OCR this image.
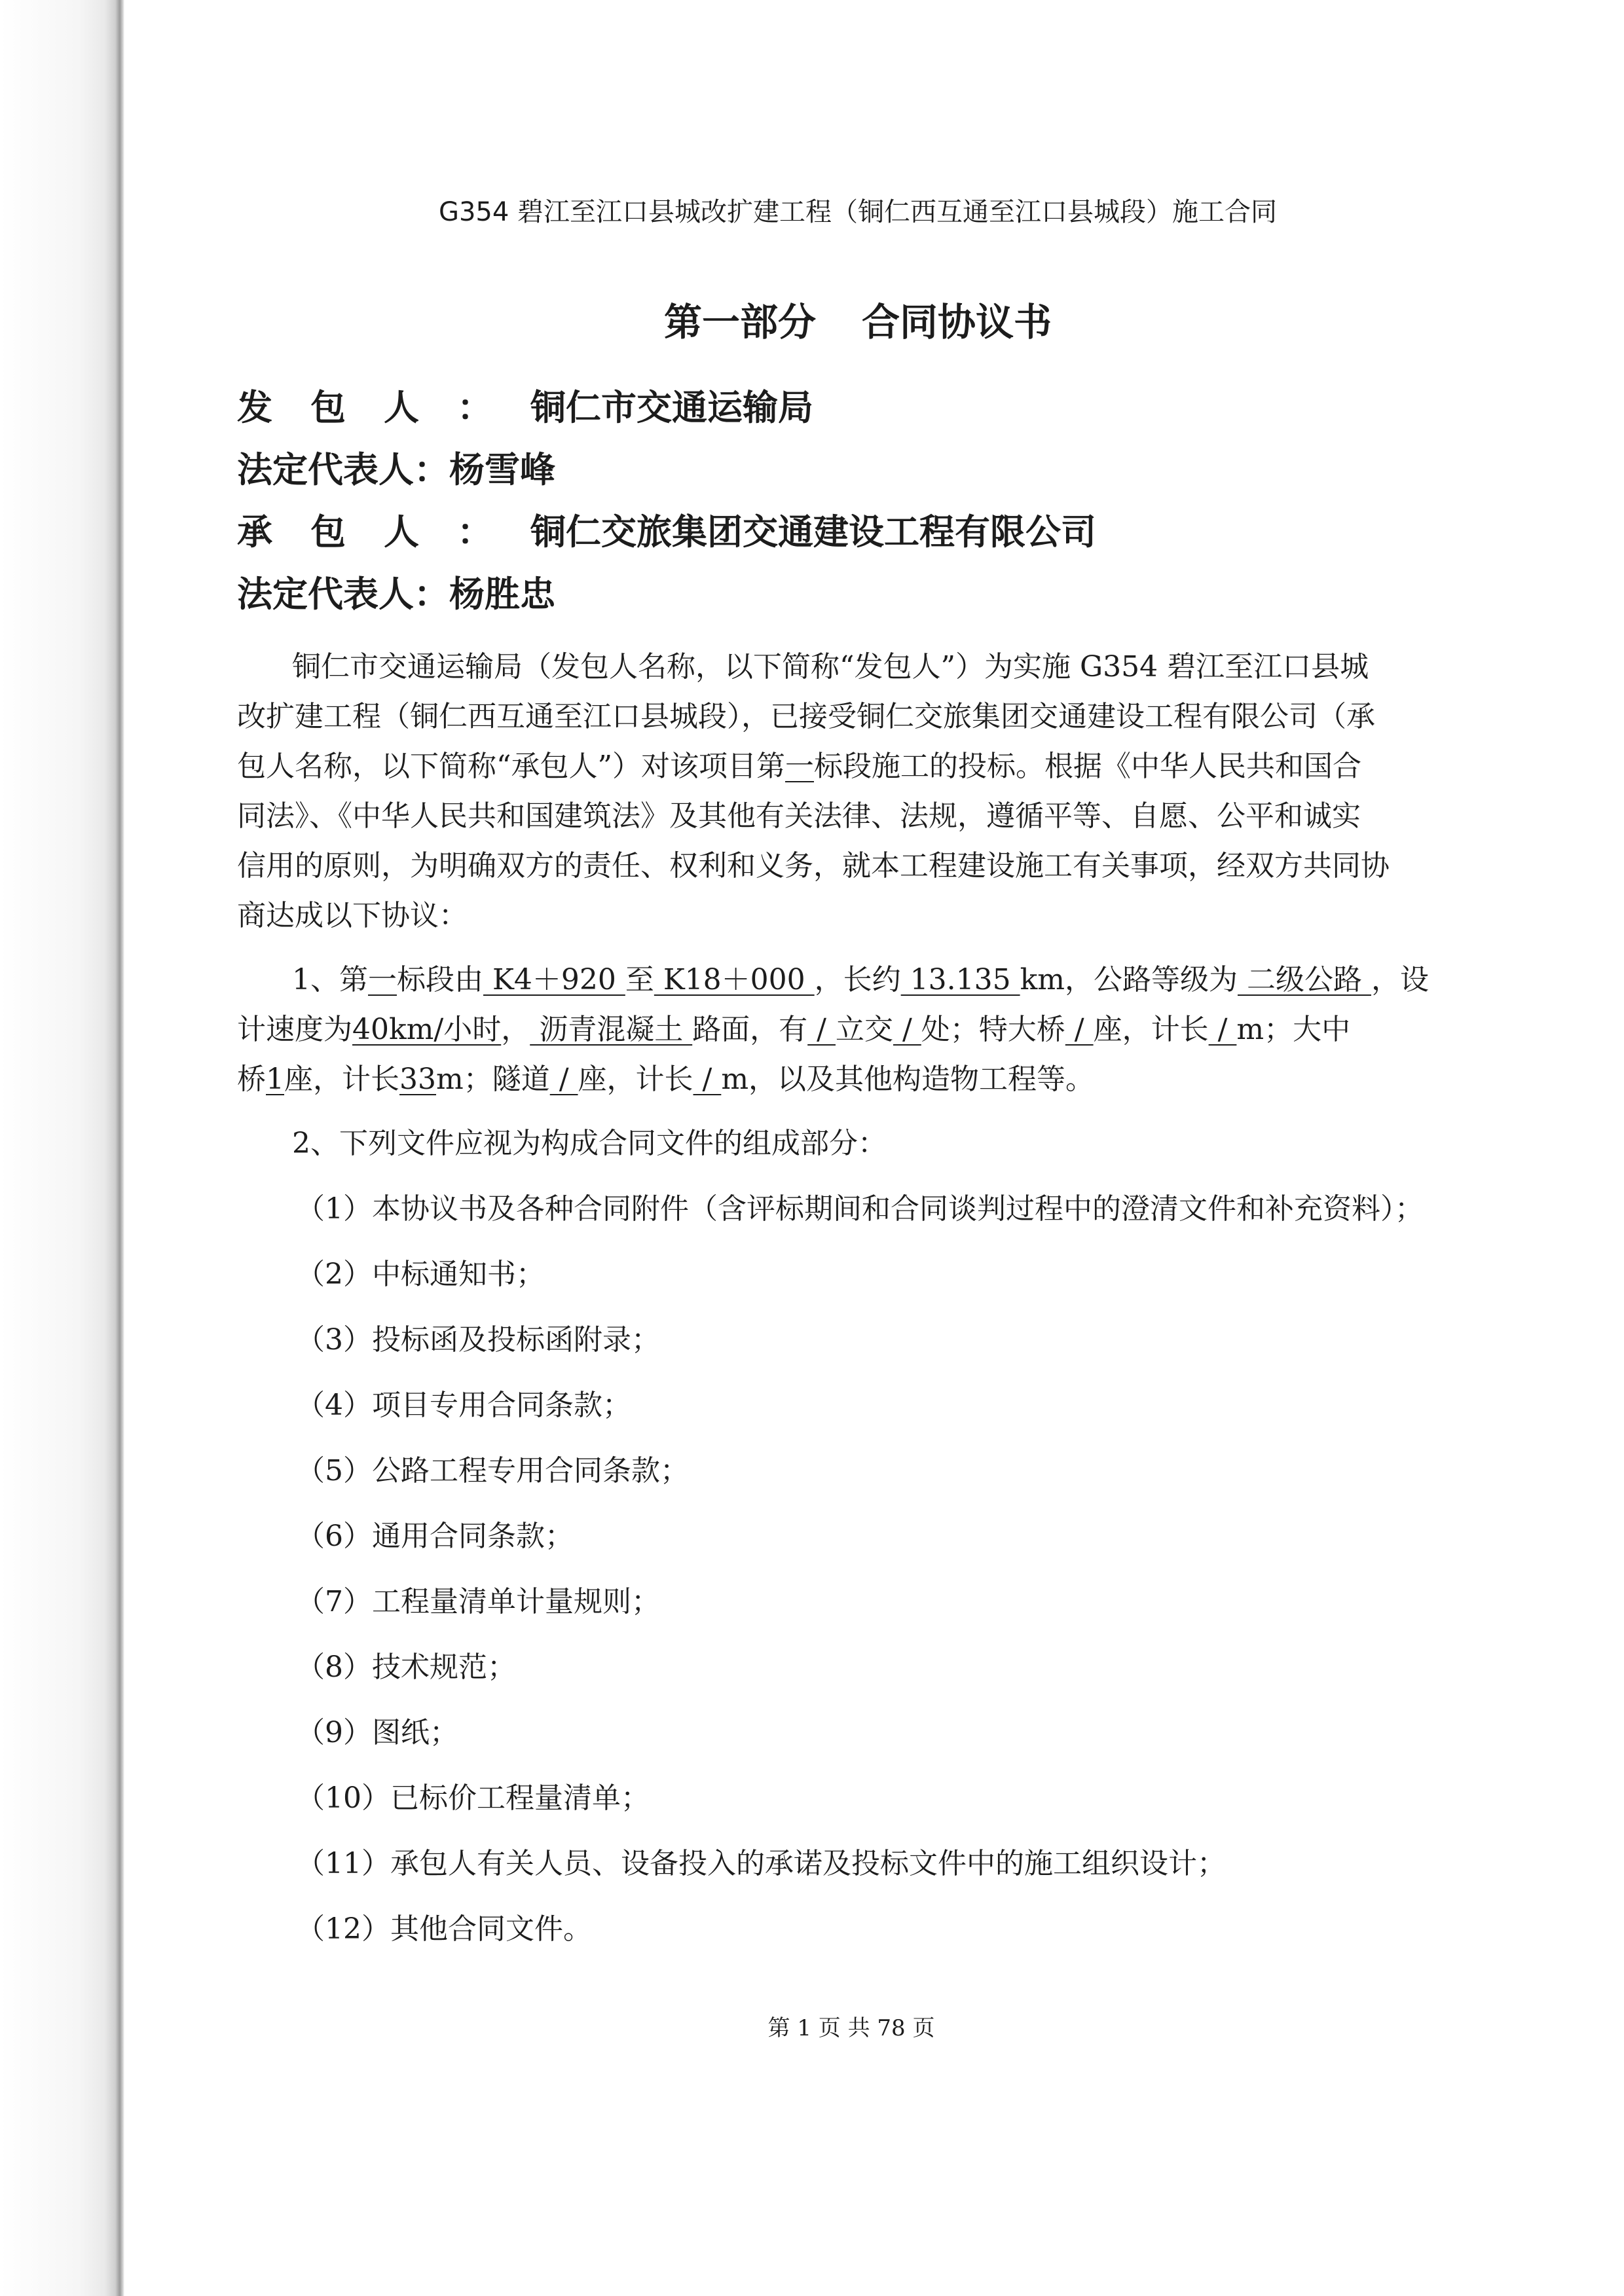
G354 碧江至江口县城改扩建工程（铜仁西互通至江口县城段）施工合同
第一部分 合同协议书
发包人：铜仁市交通运输局
法定代表人：杨雪峰
承包人：铜仁交旅集团交通建设工程有限公司
法定代表人：杨胜忠
铜仁市交通运输局（发包人名称，以下简称“发包人”）为实施 G354 碧江至江口县城
改扩建工程（铜仁西互通至江口县城段），已接受铜仁交旅集团交通建设工程有限公司（承
包人名称，以下简称“承包人”）对该项目第一标段施工的投标。根据《中华人民共和国合
同法》、《中华人民共和国建筑法》及其他有关法律、法规，遵循平等、自愿、公平和诚实
信用的原则，为明确双方的责任、权利和义务，就本工程建设施工有关事项，经双方共同协
商达成以下协议：
1、第一标段由 K4＋920 至 K18＋000 ，长约 13.135 km，公路等级为 二级公路 ，设
计速度为40km/小时， 沥青混凝土 路面，有 / 立交 / 处；特大桥 / 座，计长 / m；大中
桥1座，计长33m；隧道 / 座，计长 / m，以及其他构造物工程等。
2、下列文件应视为构成合同文件的组成部分：
（1）本协议书及各种合同附件（含评标期间和合同谈判过程中的澄清文件和补充资料）；
（2）中标通知书；
（3）投标函及投标函附录；
（4）项目专用合同条款；
（5）公路工程专用合同条款；
（6）通用合同条款；
（7）工程量清单计量规则；
（8）技术规范；
（9）图纸；
（10）已标价工程量清单；
（11）承包人有关人员、设备投入的承诺及投标文件中的施工组织设计；
（12）其他合同文件。
第 1 页 共 78 页
